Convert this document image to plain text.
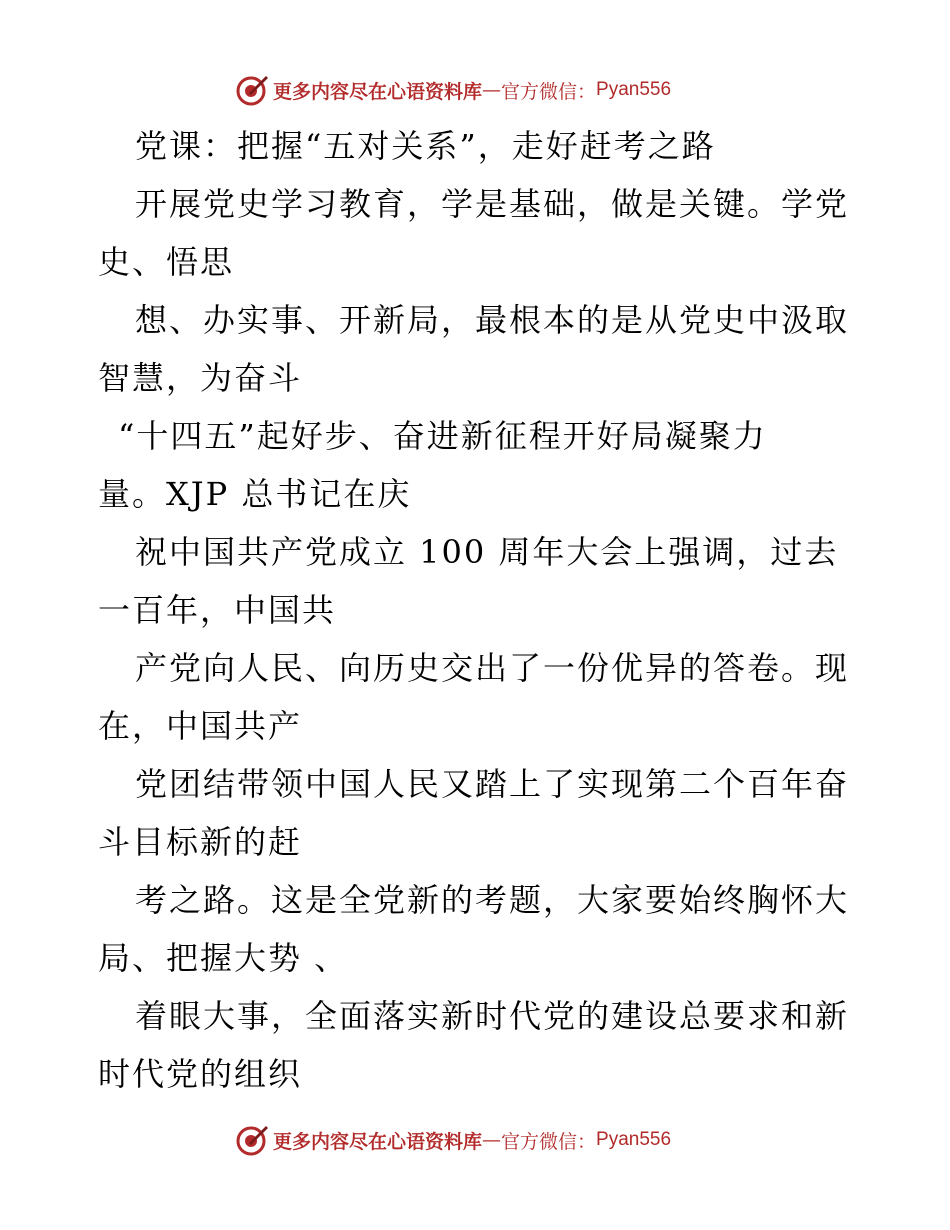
更多内容尽在心语资料库 — 官方微信： Pyan556
党课：把握“五对关系”，走好赶考之路
开展党史学习教育，学是基础，做是关键。学党
史、悟思
想、办实事、开新局，最根本的是从党史中汲取
智慧，为奋斗
“十四五”起好步、奋进新征程开好局凝聚力
量。XJP 总书记在庆
祝中国共产党成立 100 周年大会上强调，过去
一百年，中国共
产党向人民、向历史交出了一份优异的答卷。现
在，中国共产
党团结带领中国人民又踏上了实现第二个百年奋
斗目标新的赶
考之路。这是全党新的考题，大家要始终胸怀大
局、把握大势 、
着眼大事，全面落实新时代党的建设总要求和新
时代党的组织
更多内容尽在心语资料库 — 官方微信： Pyan556
